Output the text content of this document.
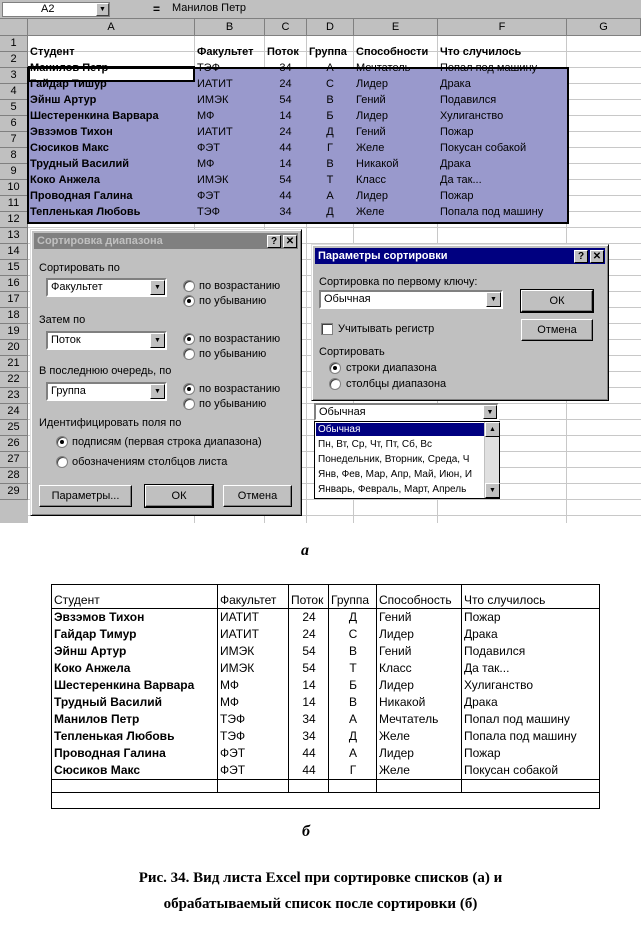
A2	▼	= Манилов Петр
A	B	C	D	E	F	G
1
2
3
4
5
6
7
8
9
10
11
12
13
14
15
16
17
18
19
20
21
22
23
24
25
26
27
28
29
Студент	Факультет	Поток Группа Способности	Что случилось
Манилов Петр	ТЭФ	34	А	Мечтатель	Попал под машину
Гайдар Тишур	ИАТИТ	24	С	Лидер	Драка
Эйнш Артур	ИМЭК	54	В	Гений	Подавился
Шестеренкина Варвара	МФ	14	Б	Лидер	Хулиганство
Эвзэмов Тихон	ИАТИТ	24	Д	Гений	Пожар
Сюсиков Макс	ФЭТ	44	Г	Желе	Покусан собакой
Трудный Василий	МФ	14	В	Никакой	Драка
Коко Анжела	ИМЭК	54	Т	Класс	Да так...
Проводная Галина	ФЭТ	44	А	Лидер	Пожар
Тепленькая Любовь	ТЭФ	34	Д	Желе	Попала под машину
Сортировка диапазона	? ✕
Сортировать по
Факультет	▼	по возрастанию
по убыванию
Затем по
Поток	▼	по возрастанию
по убыванию
В последнюю очередь, по
Группа	▼	по возрастанию
по убыванию
Идентифицировать поля по
подписям (первая строка диапазона)
обозначениям столбцов листа
Параметры...	ОК	Отмена
Параметры сортировки	? ✕
Сортировка по первому ключу:
Обычная	▼	ОК
Учитывать регистр	Отмена
Сортировать
строки диапазона
столбцы диапазона
Обычная	▼
Обычная
Пн, Вт, Ср, Чт, Пт, Сб, Вс
Понедельник, Вторник, Среда, Ч
Янв, Фев, Мар, Апр, Май, Июн, И
Январь, Февраль, Март, Апрель
▲
▼
а
Студент	Факультет	Поток Группа Способность	Что случилось
Эвзэмов Тихон	ИАТИТ	24	Д	Гений	Пожар
Гайдар Тимур	ИАТИТ	24	С	Лидер	Драка
Эйнш Артур	ИМЭК	54	В	Гений	Подавился
Коко Анжела	ИМЭК	54	Т	Класс	Да так...
Шестеренкина Варвара	МФ	14	Б	Лидер	Хулиганство
Трудный Василий	МФ	14	В	Никакой	Драка
Манилов Петр	ТЭФ	34	А	Мечтатель	Попал под машину
Тепленькая Любовь	ТЭФ	34	Д	Желе	Попала под машину
Проводная Галина	ФЭТ	44	А	Лидер	Пожар
Сюсиков Макс	ФЭТ	44	Г	Желе	Покусан собакой
б
Рис. 34. Вид листа Excel при сортировке списков (а) и
обрабатываемый список после сортировки (б)
